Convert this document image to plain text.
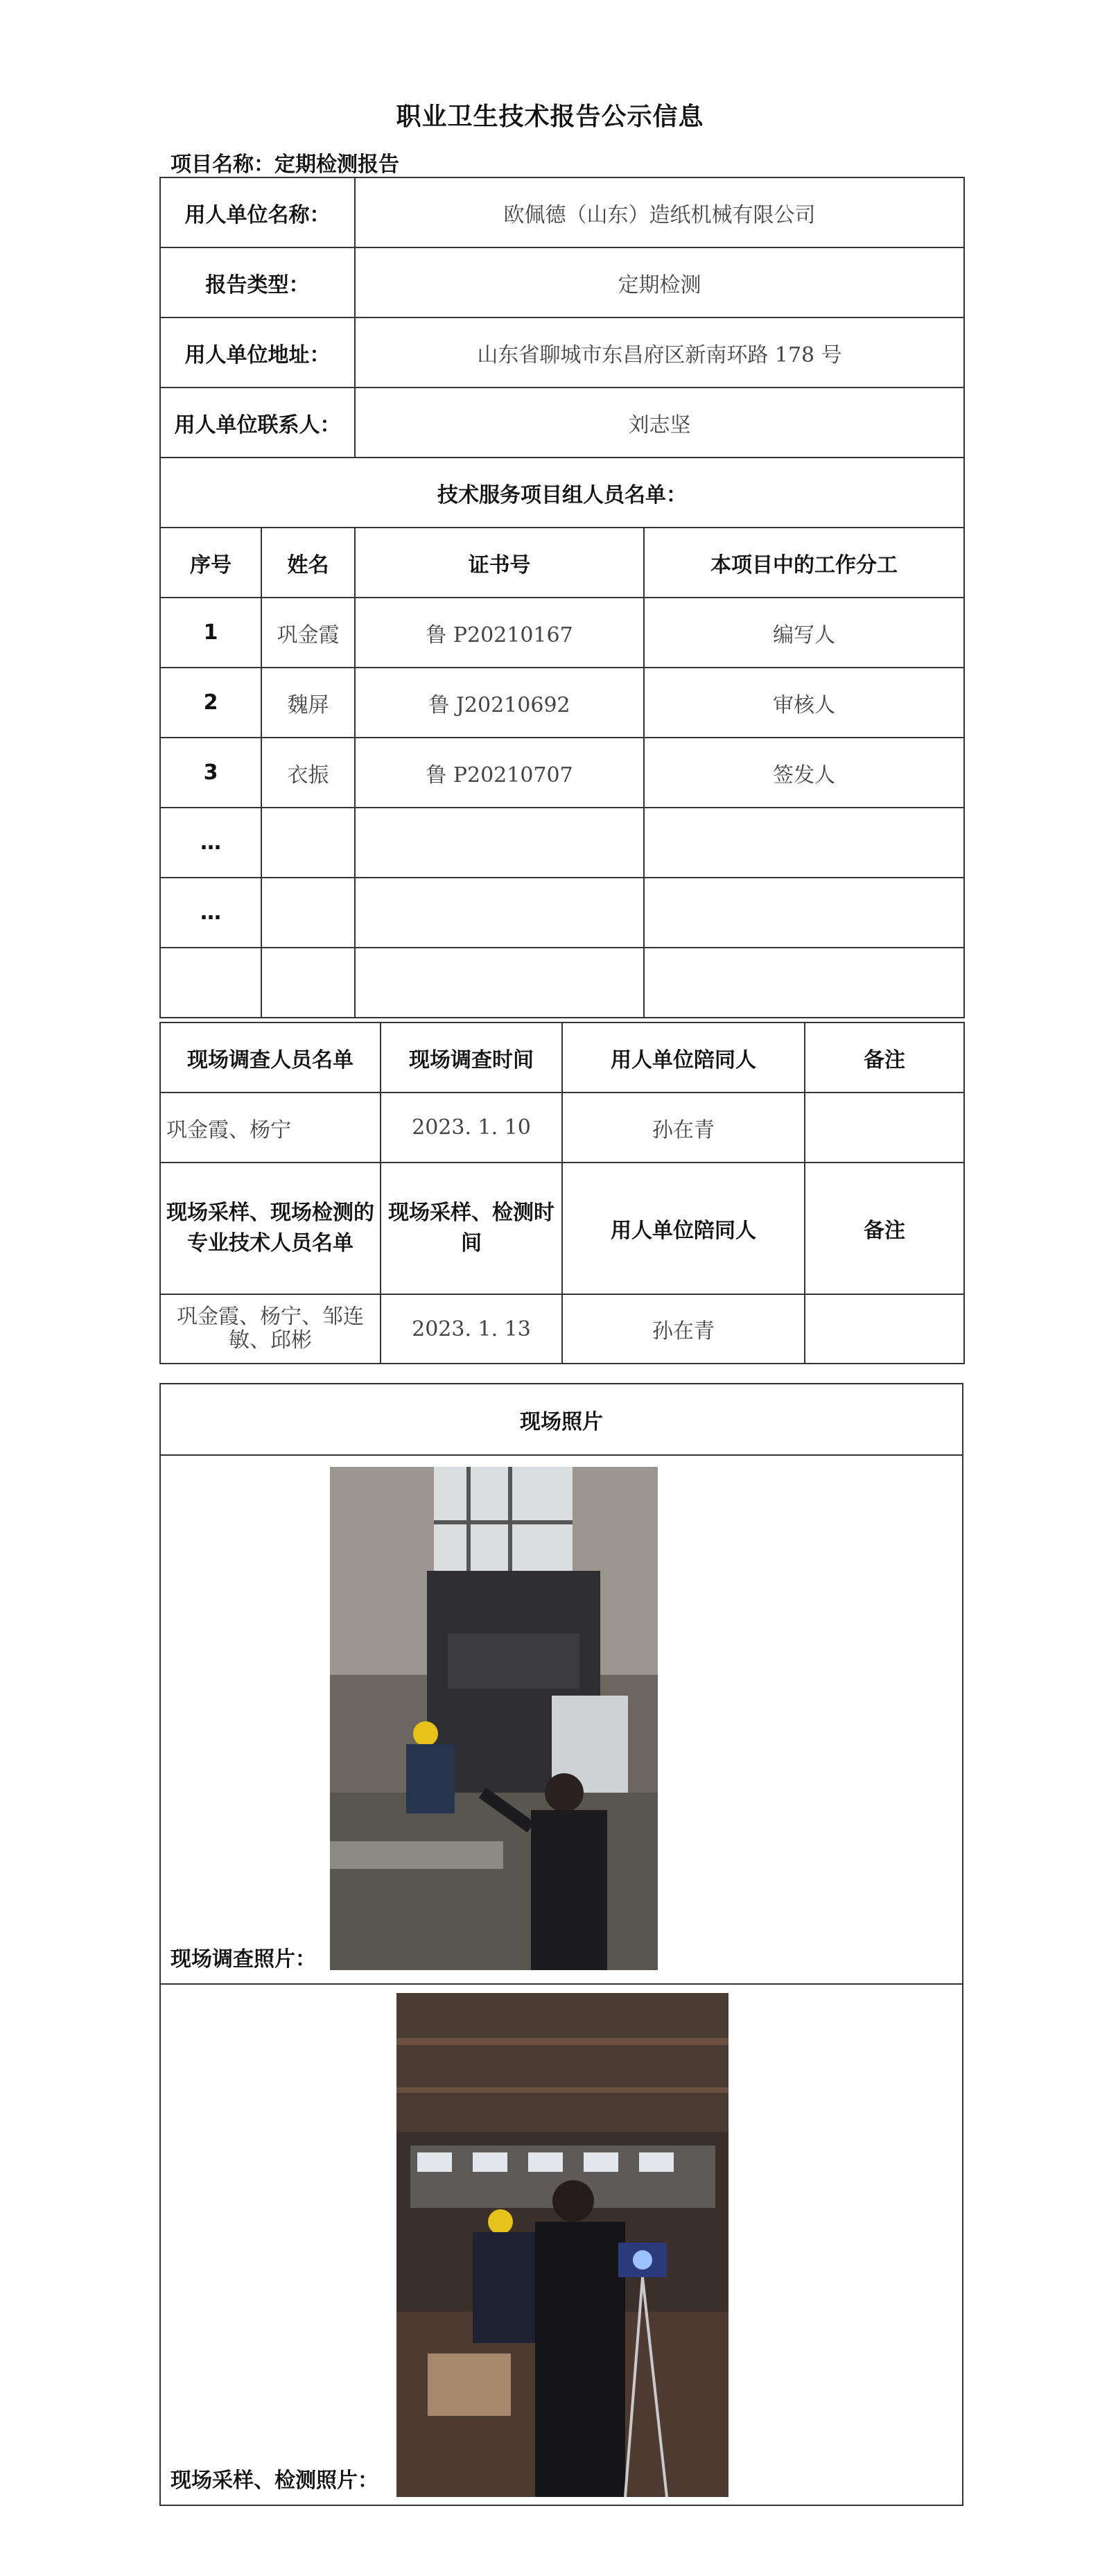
职业卫生技术报告公示信息
项目名称：定期检测报告
用人单位名称：		欧佩德（山东）造纸机械有限公司	
报告类型：		定期检测	
用人单位地址：		山东省聊城市东昌府区新南环路 178 号	
用人单位联系人：		刘志坚	
技术服务项目组人员名单：			
序号	姓名	证书号	本项目中的工作分工
1	巩金霞	鲁 P20210167	编写人
2	魏屏	鲁 J20210692	审核人
3	衣振	鲁 P20210707	签发人
…			
…			

现场调查人员名单	现场调查时间	用人单位陪同人	备注
巩金霞、杨宁	2023. 1. 10	孙在青	
现场采样、现场检测的专业技术人员名单	现场采样、检测时间	用人单位陪同人	备注
巩金霞、杨宁、邹连敏、邱彬	2023. 1. 13	孙在青	
现场照片

现场调查照片：

现场采样、检测照片：
